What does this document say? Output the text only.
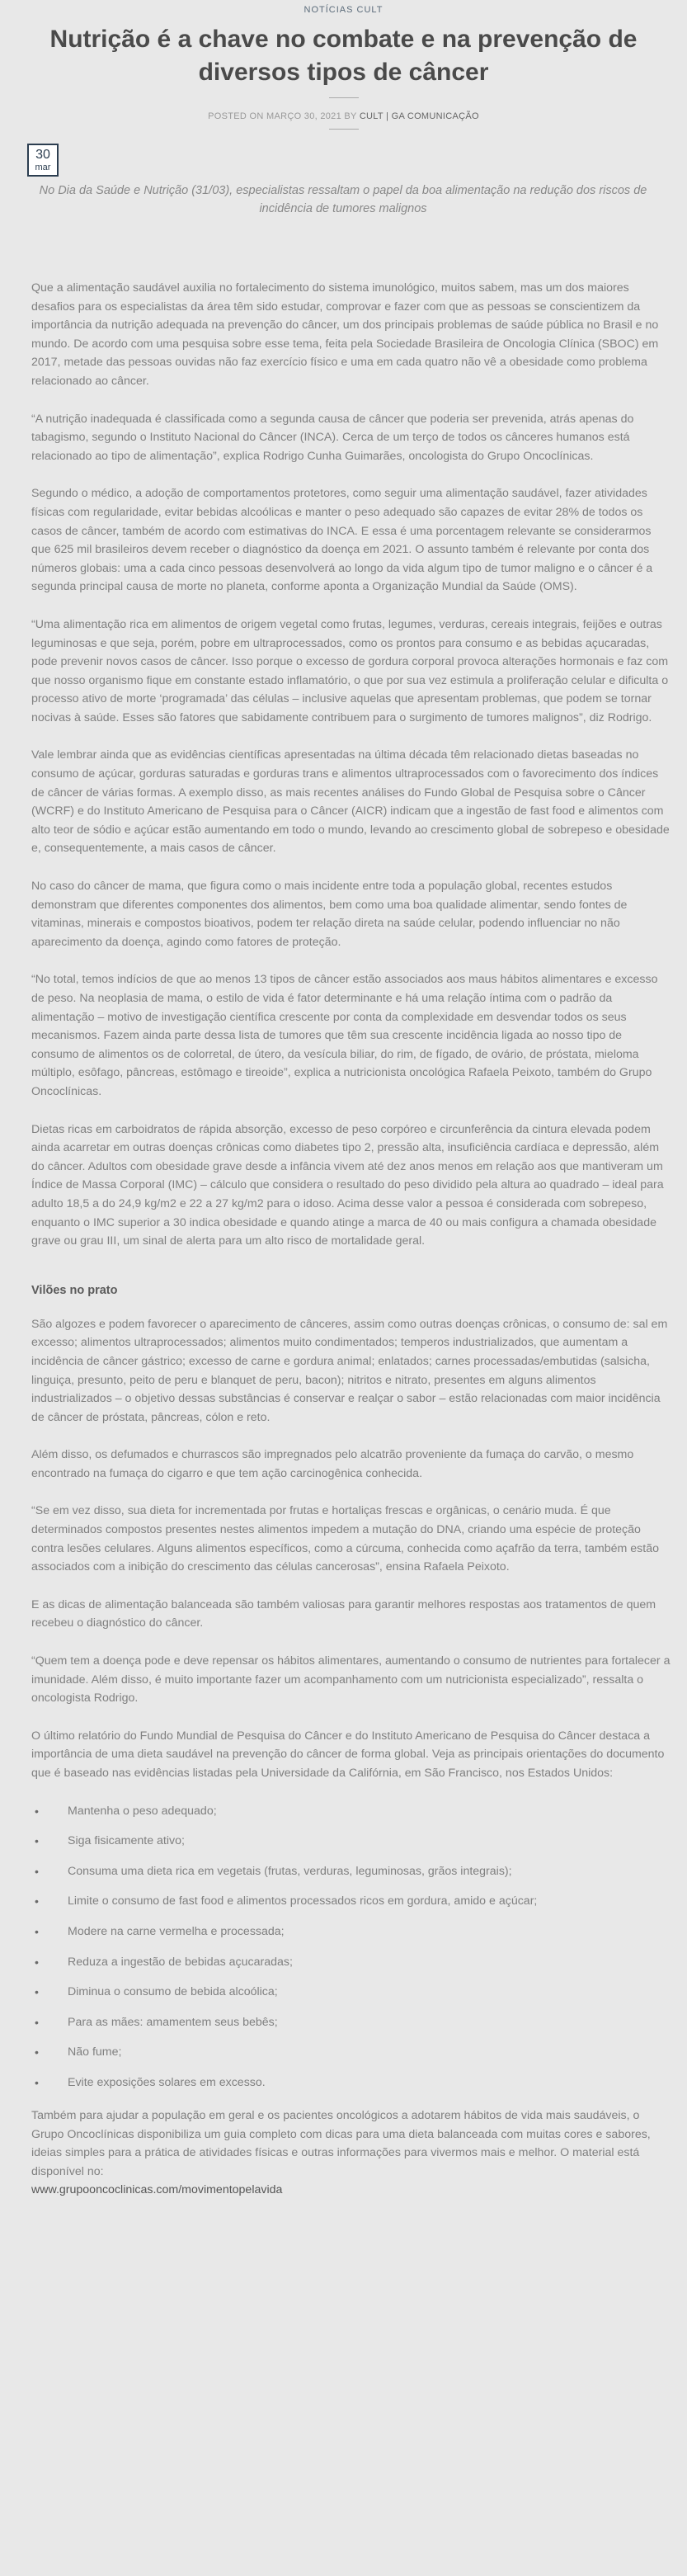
NOTÍCIAS CULT
Nutrição é a chave no combate e na prevenção de diversos tipos de câncer
POSTED ON MARÇO 30, 2021 BY CULT | GA COMUNICAÇÃO
30
mar

No Dia da Saúde e Nutrição (31/03), especialistas ressaltam o papel da boa alimentação na redução dos riscos de incidência de tumores malignos

Que a alimentação saudável auxilia no fortalecimento do sistema imunológico, muitos sabem, mas um dos maiores desafios para os especialistas da área têm sido estudar, comprovar e fazer com que as pessoas se conscientizem da importância da nutrição adequada na prevenção do câncer, um dos principais problemas de saúde pública no Brasil e no mundo. De acordo com uma pesquisa sobre esse tema, feita pela Sociedade Brasileira de Oncologia Clínica (SBOC) em 2017, metade das pessoas ouvidas não faz exercício físico e uma em cada quatro não vê a obesidade como problema relacionado ao câncer.

“A nutrição inadequada é classificada como a segunda causa de câncer que poderia ser prevenida, atrás apenas do tabagismo, segundo o Instituto Nacional do Câncer (INCA). Cerca de um terço de todos os cânceres humanos está relacionado ao tipo de alimentação”, explica Rodrigo Cunha Guimarães, oncologista do Grupo Oncoclínicas.

Segundo o médico, a adoção de comportamentos protetores, como seguir uma alimentação saudável, fazer atividades físicas com regularidade, evitar bebidas alcoólicas e manter o peso adequado são capazes de evitar 28% de todos os casos de câncer, também de acordo com estimativas do INCA. E essa é uma porcentagem relevante se considerarmos que 625 mil brasileiros devem receber o diagnóstico da doença em 2021. O assunto também é relevante por conta dos números globais: uma a cada cinco pessoas desenvolverá ao longo da vida algum tipo de tumor maligno e o câncer é a segunda principal causa de morte no planeta, conforme aponta a Organização Mundial da Saúde (OMS).

“Uma alimentação rica em alimentos de origem vegetal como frutas, legumes, verduras, cereais integrais, feijões e outras leguminosas e que seja, porém, pobre em ultraprocessados, como os prontos para consumo e as bebidas açucaradas, pode prevenir novos casos de câncer. Isso porque o excesso de gordura corporal provoca alterações hormonais e faz com que nosso organismo fique em constante estado inflamatório, o que por sua vez estimula a proliferação celular e dificulta o processo ativo de morte ‘programada’ das células – inclusive aquelas que apresentam problemas, que podem se tornar nocivas à saúde. Esses são fatores que sabidamente contribuem para o surgimento de tumores malignos”, diz Rodrigo.

Vale lembrar ainda que as evidências científicas apresentadas na última década têm relacionado dietas baseadas no consumo de açúcar, gorduras saturadas e gorduras trans e alimentos ultraprocessados com o favorecimento dos índices de câncer de várias formas. A exemplo disso, as mais recentes análises do Fundo Global de Pesquisa sobre o Câncer (WCRF) e do Instituto Americano de Pesquisa para o Câncer (AICR) indicam que a ingestão de fast food e alimentos com alto teor de sódio e açúcar estão aumentando em todo o mundo, levando ao crescimento global de sobrepeso e obesidade e, consequentemente, a mais casos de câncer.

No caso do câncer de mama, que figura como o mais incidente entre toda a população global, recentes estudos demonstram que diferentes componentes dos alimentos, bem como uma boa qualidade alimentar, sendo fontes de vitaminas, minerais e compostos bioativos, podem ter relação direta na saúde celular, podendo influenciar no não aparecimento da doença, agindo como fatores de proteção.

“No total, temos indícios de que ao menos 13 tipos de câncer estão associados aos maus hábitos alimentares e excesso de peso. Na neoplasia de mama, o estilo de vida é fator determinante e há uma relação íntima com o padrão da alimentação – motivo de investigação científica crescente por conta da complexidade em desvendar todos os seus mecanismos. Fazem ainda parte dessa lista de tumores que têm sua crescente incidência ligada ao nosso tipo de consumo de alimentos os de colorretal, de útero, da vesícula biliar, do rim, de fígado, de ovário, de próstata, mieloma múltiplo, esôfago, pâncreas, estômago e tireoide”, explica a nutricionista oncológica Rafaela Peixoto, também do Grupo Oncoclínicas.

Dietas ricas em carboidratos de rápida absorção, excesso de peso corpóreo e circunferência da cintura elevada podem ainda acarretar em outras doenças crônicas como diabetes tipo 2, pressão alta, insuficiência cardíaca e depressão, além do câncer. Adultos com obesidade grave desde a infância vivem até dez anos menos em relação aos que mantiveram um Índice de Massa Corporal (IMC) – cálculo que considera o resultado do peso dividido pela altura ao quadrado – ideal para adulto 18,5 a do 24,9 kg/m2 e 22 a 27 kg/m2 para o idoso. Acima desse valor a pessoa é considerada com sobrepeso, enquanto o IMC superior a 30 indica obesidade e quando atinge a marca de 40 ou mais configura a chamada obesidade grave ou grau III, um sinal de alerta para um alto risco de mortalidade geral.

Vilões no prato

São algozes e podem favorecer o aparecimento de cânceres, assim como outras doenças crônicas, o consumo de: sal em excesso; alimentos ultraprocessados; alimentos muito condimentados; temperos industrializados, que aumentam a incidência de câncer gástrico; excesso de carne e gordura animal; enlatados; carnes processadas/embutidas (salsicha, linguiça, presunto, peito de peru e blanquet de peru, bacon); nitritos e nitrato, presentes em alguns alimentos industrializados – o objetivo dessas substâncias é conservar e realçar o sabor – estão relacionadas com maior incidência de câncer de próstata, pâncreas, cólon e reto.

Além disso, os defumados e churrascos são impregnados pelo alcatrão proveniente da fumaça do carvão, o mesmo encontrado na fumaça do cigarro e que tem ação carcinogênica conhecida.

“Se em vez disso, sua dieta for incrementada por frutas e hortaliças frescas e orgânicas, o cenário muda. É que determinados compostos presentes nestes alimentos impedem a mutação do DNA, criando uma espécie de proteção contra lesões celulares. Alguns alimentos específicos, como a cúrcuma, conhecida como açafrão da terra, também estão associados com a inibição do crescimento das células cancerosas”, ensina Rafaela Peixoto.

E as dicas de alimentação balanceada são também valiosas para garantir melhores respostas aos tratamentos de quem recebeu o diagnóstico do câncer.

“Quem tem a doença pode e deve repensar os hábitos alimentares, aumentando o consumo de nutrientes para fortalecer a imunidade. Além disso, é muito importante fazer um acompanhamento com um nutricionista especializado”, ressalta o oncologista Rodrigo.

O último relatório do Fundo Mundial de Pesquisa do Câncer e do Instituto Americano de Pesquisa do Câncer destaca a importância de uma dieta saudável na prevenção do câncer de forma global. Veja as principais orientações do documento que é baseado nas evidências listadas pela Universidade da Califórnia, em São Francisco, nos Estados Unidos:

• Mantenha o peso adequado;
• Siga fisicamente ativo;
• Consuma uma dieta rica em vegetais (frutas, verduras, leguminosas, grãos integrais);
• Limite o consumo de fast food e alimentos processados ricos em gordura, amido e açúcar;
• Modere na carne vermelha e processada;
• Reduza a ingestão de bebidas açucaradas;
• Diminua o consumo de bebida alcoólica;
• Para as mães: amamentem seus bebês;
• Não fume;
• Evite exposições solares em excesso.

Também para ajudar a população em geral e os pacientes oncológicos a adotarem hábitos de vida mais saudáveis, o Grupo Oncoclínicas disponibiliza um guia completo com dicas para uma dieta balanceada com muitas cores e sabores, ideias simples para a prática de atividades físicas e outras informações para vivermos mais e melhor. O material está disponível no:
www.grupooncoclinicas.com/movimentopelavida
